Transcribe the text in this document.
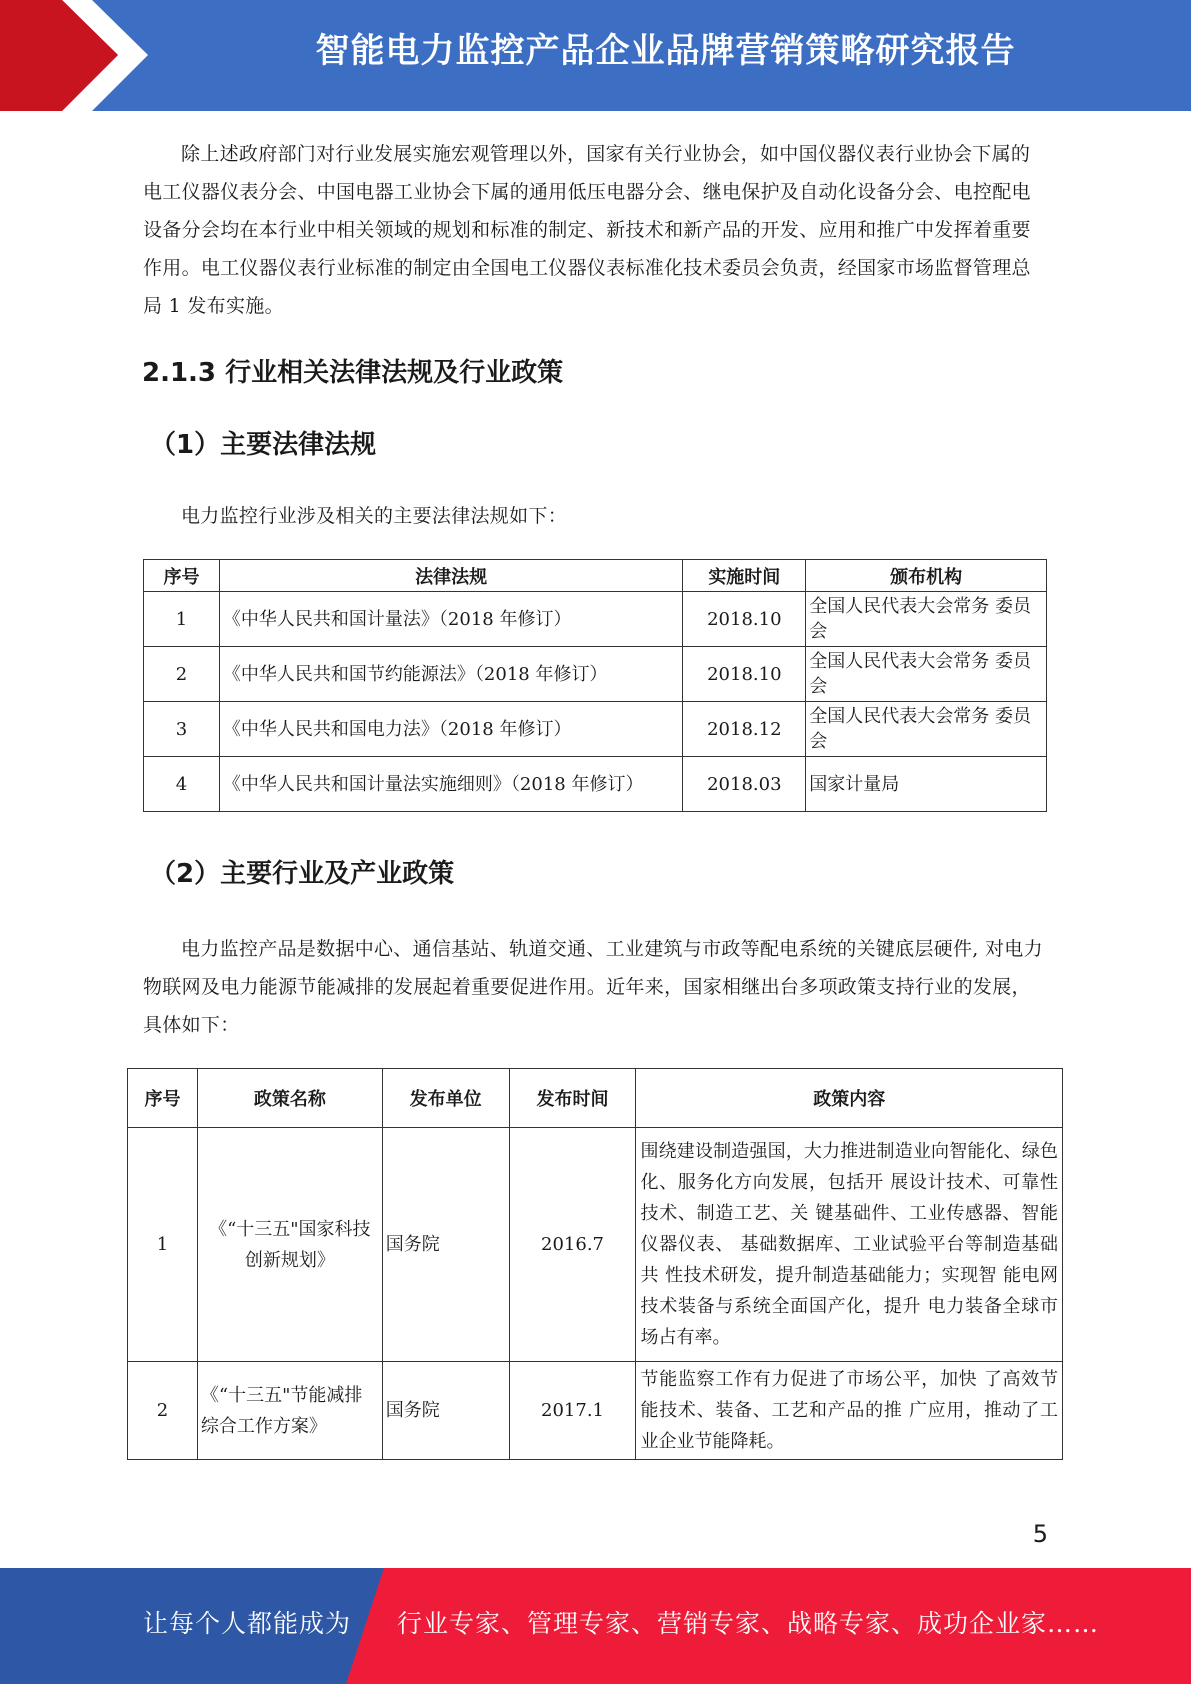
智能电力监控产品企业品牌营销策略研究报告
除上述政府部门对行业发展实施宏观管理以外，国家有关行业协会，如中国仪器仪表行业协会下属的电工仪器仪表分会、中国电器工业协会下属的通用低压电器分会、继电保护及自动化设备分会、电控配电设备分会均在本行业中相关领域的规划和标准的制定、新技术和新产品的开发、应用和推广中发挥着重要作用。电工仪器仪表行业标准的制定由全国电工仪器仪表标准化技术委员会负责，经国家市场监督管理总局 1 发布实施。
2.1.3 行业相关法律法规及行业政策
（1）主要法律法规
电力监控行业涉及相关的主要法律法规如下：
序号	法律法规	实施时间	颁布机构
1	《中华人民共和国计量法》（2018 年修订）	2018.10	全国人民代表大会常务 委员会
2	《中华人民共和国节约能源法》（2018 年修订）	2018.10	全国人民代表大会常务 委员会
3	《中华人民共和国电力法》（2018 年修订）	2018.12	全国人民代表大会常务 委员会
4	《中华人民共和国计量法实施细则》（2018 年修订）	2018.03	国家计量局
（2）主要行业及产业政策
电力监控产品是数据中心、通信基站、轨道交通、工业建筑与市政等配电系统的关键底层硬件, 对电力物联网及电力能源节能减排的发展起着重要促进作用。近年来，国家相继出台多项政策支持行业的发展，具体如下：
序号	政策名称	发布单位	发布时间	政策内容
1	《“十三五"国家科技创新规划》	国务院	2016.7	围绕建设制造强国，大力推进制造业向智能化、绿色化、服务化方向发展，包括开 展设计技术、可靠性技术、制造工艺、关 键基础件、工业传感器、智能仪器仪表、 基础数据库、工业试验平台等制造基础共 性技术研发，提升制造基础能力；实现智 能电网技术装备与系统全面国产化，提升 电力装备全球市场占有率。
2	《“十三五"节能减排综合工作方案》	国务院	2017.1	节能监察工作有力促进了市场公平，加快 了高效节能技术、装备、工艺和产品的推 广应用，推动了工业企业节能降耗。
5
让每个人都能成为 行业专家、管理专家、营销专家、战略专家、成功企业家……
